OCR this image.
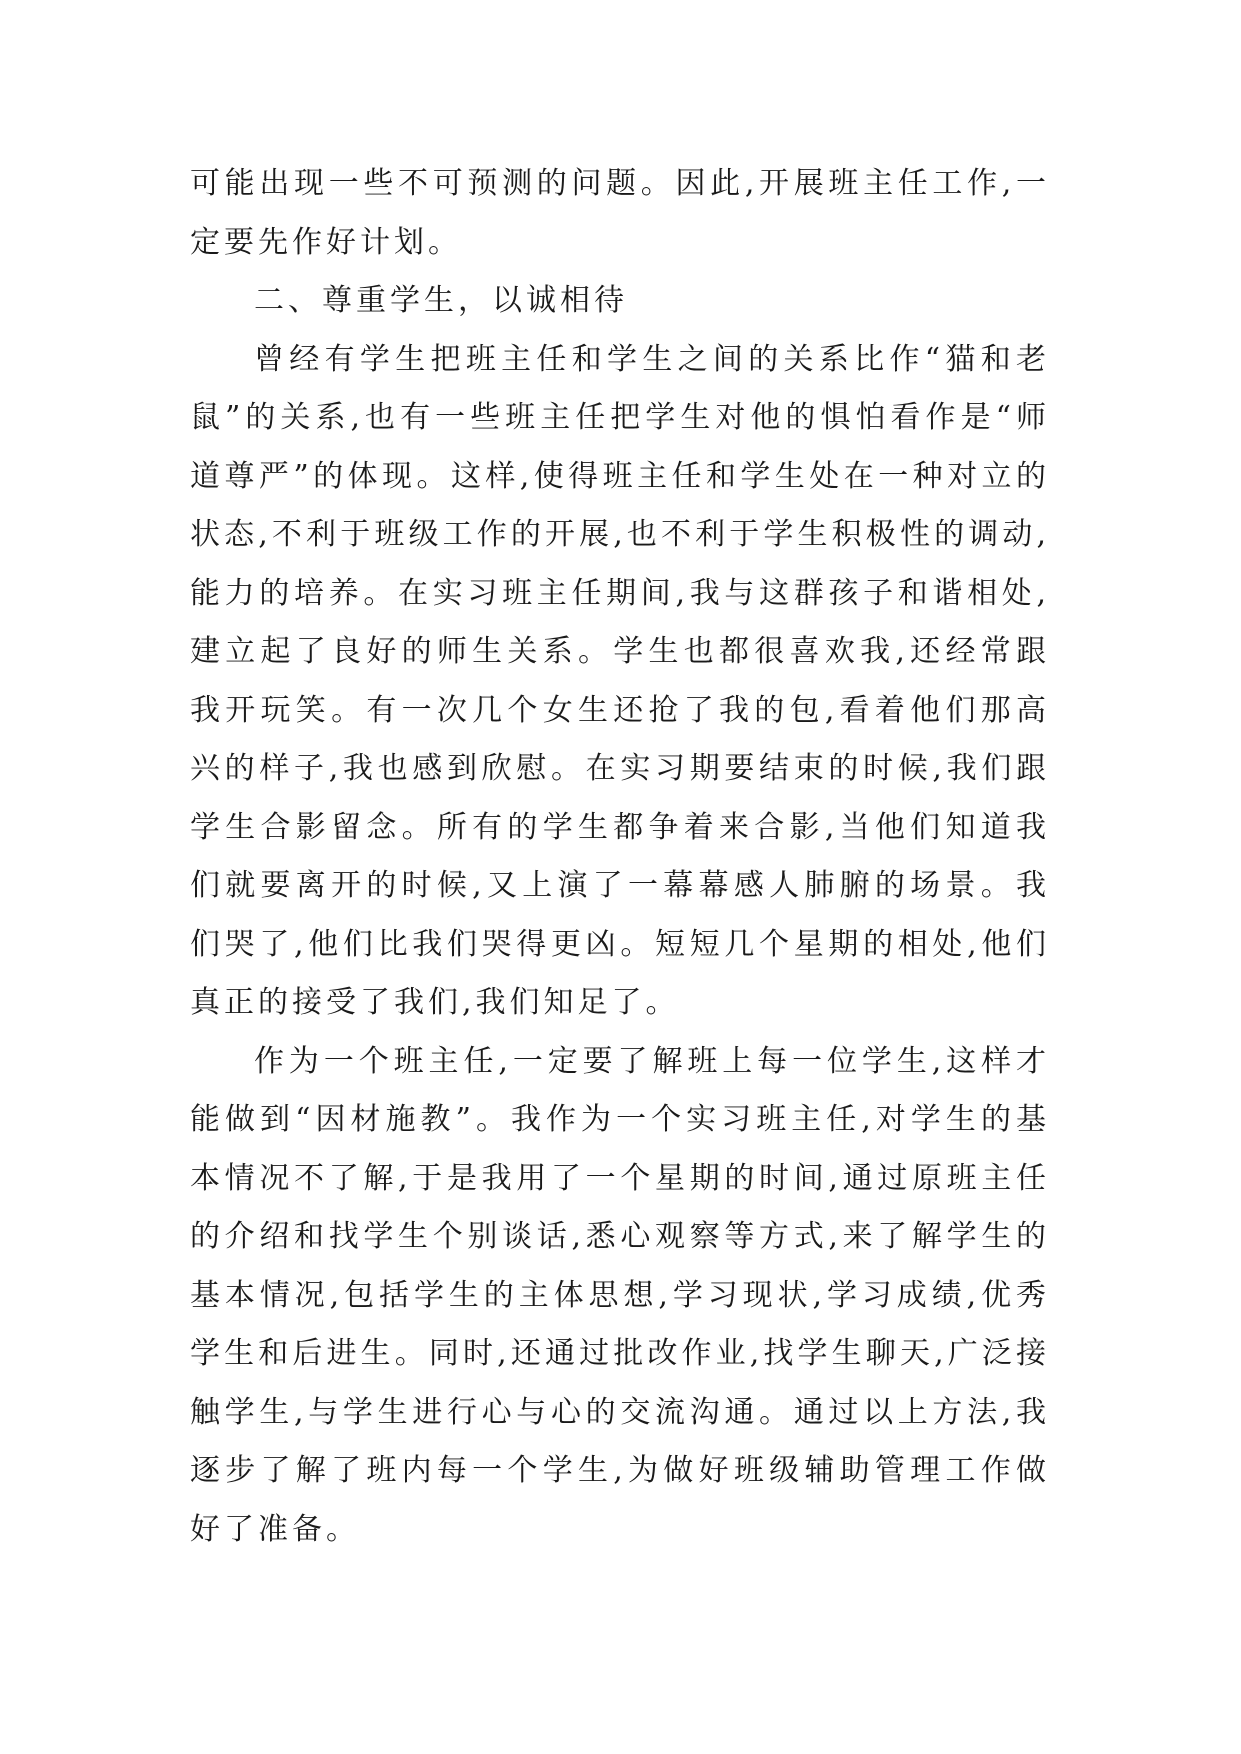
可能出现一些不可预测的问题。因此,开展班主任工作,一定要先作好计划。

二、尊重学生，以诚相待

曾经有学生把班主任和学生之间的关系比作“猫和老鼠”的关系,也有一些班主任把学生对他的惧怕看作是“师道尊严”的体现。这样,使得班主任和学生处在一种对立的状态,不利于班级工作的开展,也不利于学生积极性的调动,能力的培养。在实习班主任期间,我与这群孩子和谐相处,建立起了良好的师生关系。学生也都很喜欢我,还经常跟我开玩笑。有一次几个女生还抢了我的包,看着他们那高兴的样子,我也感到欣慰。在实习期要结束的时候,我们跟学生合影留念。所有的学生都争着来合影,当他们知道我们就要离开的时候,又上演了一幕幕感人肺腑的场景。我们哭了,他们比我们哭得更凶。短短几个星期的相处,他们真正的接受了我们,我们知足了。

作为一个班主任,一定要了解班上每一位学生,这样才能做到“因材施教”。我作为一个实习班主任,对学生的基本情况不了解,于是我用了一个星期的时间,通过原班主任的介绍和找学生个别谈话,悉心观察等方式,来了解学生的基本情况,包括学生的主体思想,学习现状,学习成绩,优秀学生和后进生。同时,还通过批改作业,找学生聊天,广泛接触学生,与学生进行心与心的交流沟通。通过以上方法,我逐步了解了班内每一个学生,为做好班级辅助管理工作做好了准备。
